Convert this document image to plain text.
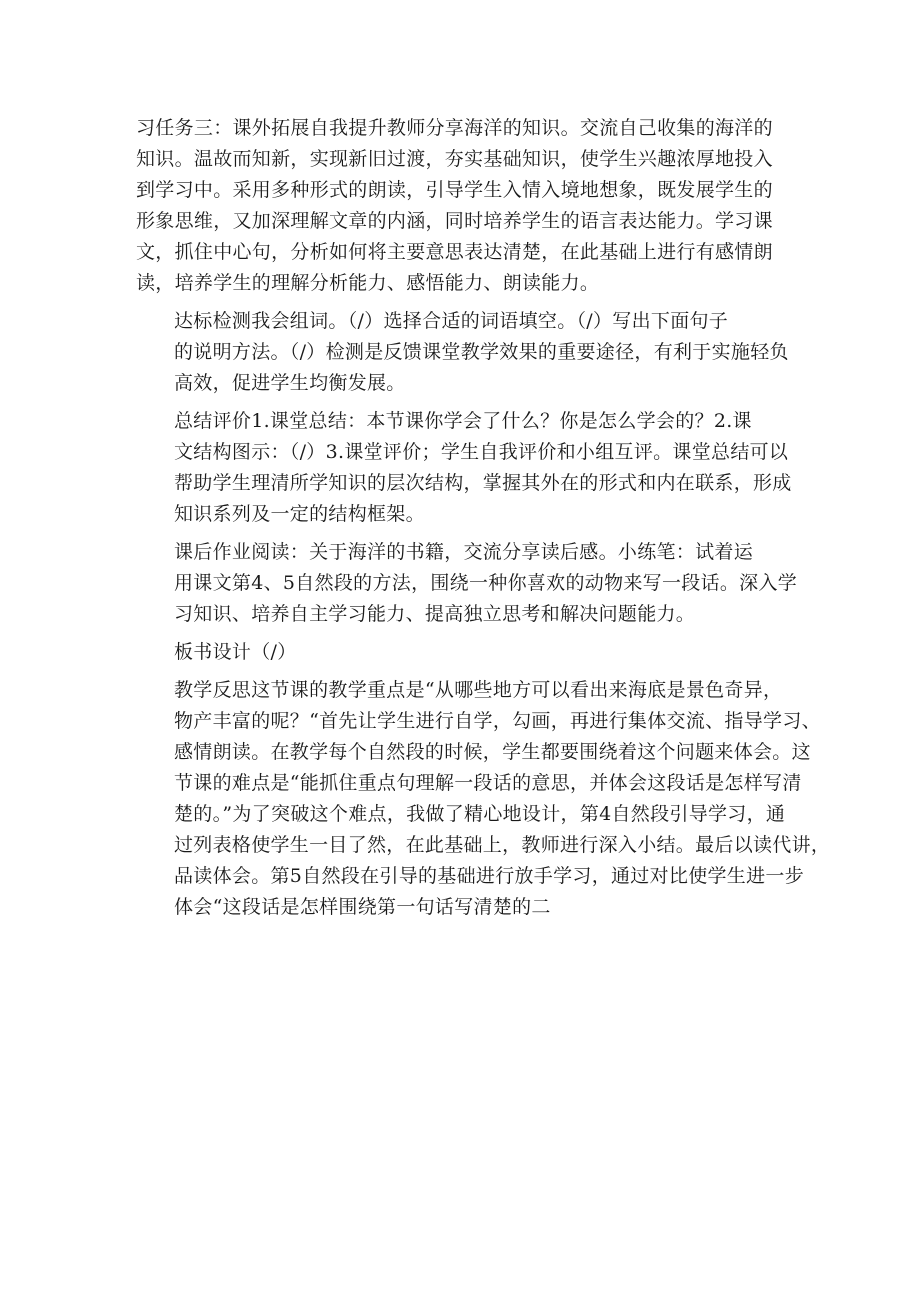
习任务三：课外拓展自我提升教师分享海洋的知识。交流自己收集的海洋的
知识。温故而知新，实现新旧过渡，夯实基础知识，使学生兴趣浓厚地投入
到学习中。采用多种形式的朗读，引导学生入情入境地想象，既发展学生的
形象思维，又加深理解文章的内涵，同时培养学生的语言表达能力。学习课
文，抓住中心句，分析如何将主要意思表达清楚，在此基础上进行有感情朗
读，培养学生的理解分析能力、感悟能力、朗读能力。

达标检测我会组词。（/）选择合适的词语填空。（/）写出下面句子
的说明方法。（/）检测是反馈课堂教学效果的重要途径，有利于实施轻负
高效，促进学生均衡发展。

总结评价1.课堂总结：本节课你学会了什么？你是怎么学会的？2.课
文结构图示：（/）3.课堂评价；学生自我评价和小组互评。课堂总结可以
帮助学生理清所学知识的层次结构，掌握其外在的形式和内在联系，形成
知识系列及一定的结构框架。

课后作业阅读：关于海洋的书籍，交流分享读后感。小练笔：试着运
用课文第4、5自然段的方法，围绕一种你喜欢的动物来写一段话。深入学
习知识、培养自主学习能力、提高独立思考和解决问题能力。

板书设计（/）

教学反思这节课的教学重点是“从哪些地方可以看出来海底是景色奇异，
物产丰富的呢？“首先让学生进行自学，勾画，再进行集体交流、指导学习、
感情朗读。在教学每个自然段的时候，学生都要围绕着这个问题来体会。这
节课的难点是“能抓住重点句理解一段话的意思，并体会这段话是怎样写清
楚的。”为了突破这个难点，我做了精心地设计，第4自然段引导学习，通
过列表格使学生一目了然，在此基础上，教师进行深入小结。最后以读代讲，
品读体会。第5自然段在引导的基础进行放手学习，通过对比使学生进一步
体会“这段话是怎样围绕第一句话写清楚的二
